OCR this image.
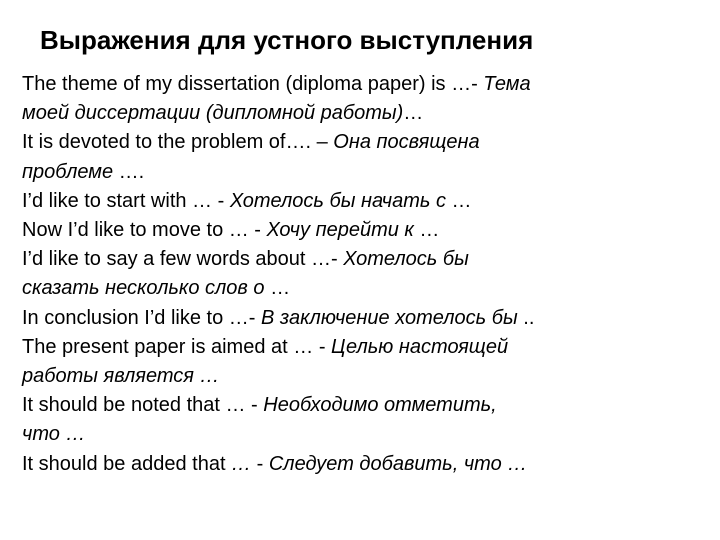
Выражения для устного выступления
The theme of my dissertation (diploma paper) is …- Тема
моей диссертации (дипломной работы)…
It is devoted to the problem of…. – Она посвящена
проблеме ….
I’d like to start with … - Хотелось бы начать с …
Now I’d like to move to … - Хочу перейти к …
I’d like to say a few words about …- Хотелось бы
сказать несколько слов о …
In conclusion I’d like to …- В заключение хотелось бы ..
The present paper is aimed at … - Целью настоящей
работы является …
It should be noted that … - Необходимо отметить,
что …
It should be added that … - Следует добавить, что …
